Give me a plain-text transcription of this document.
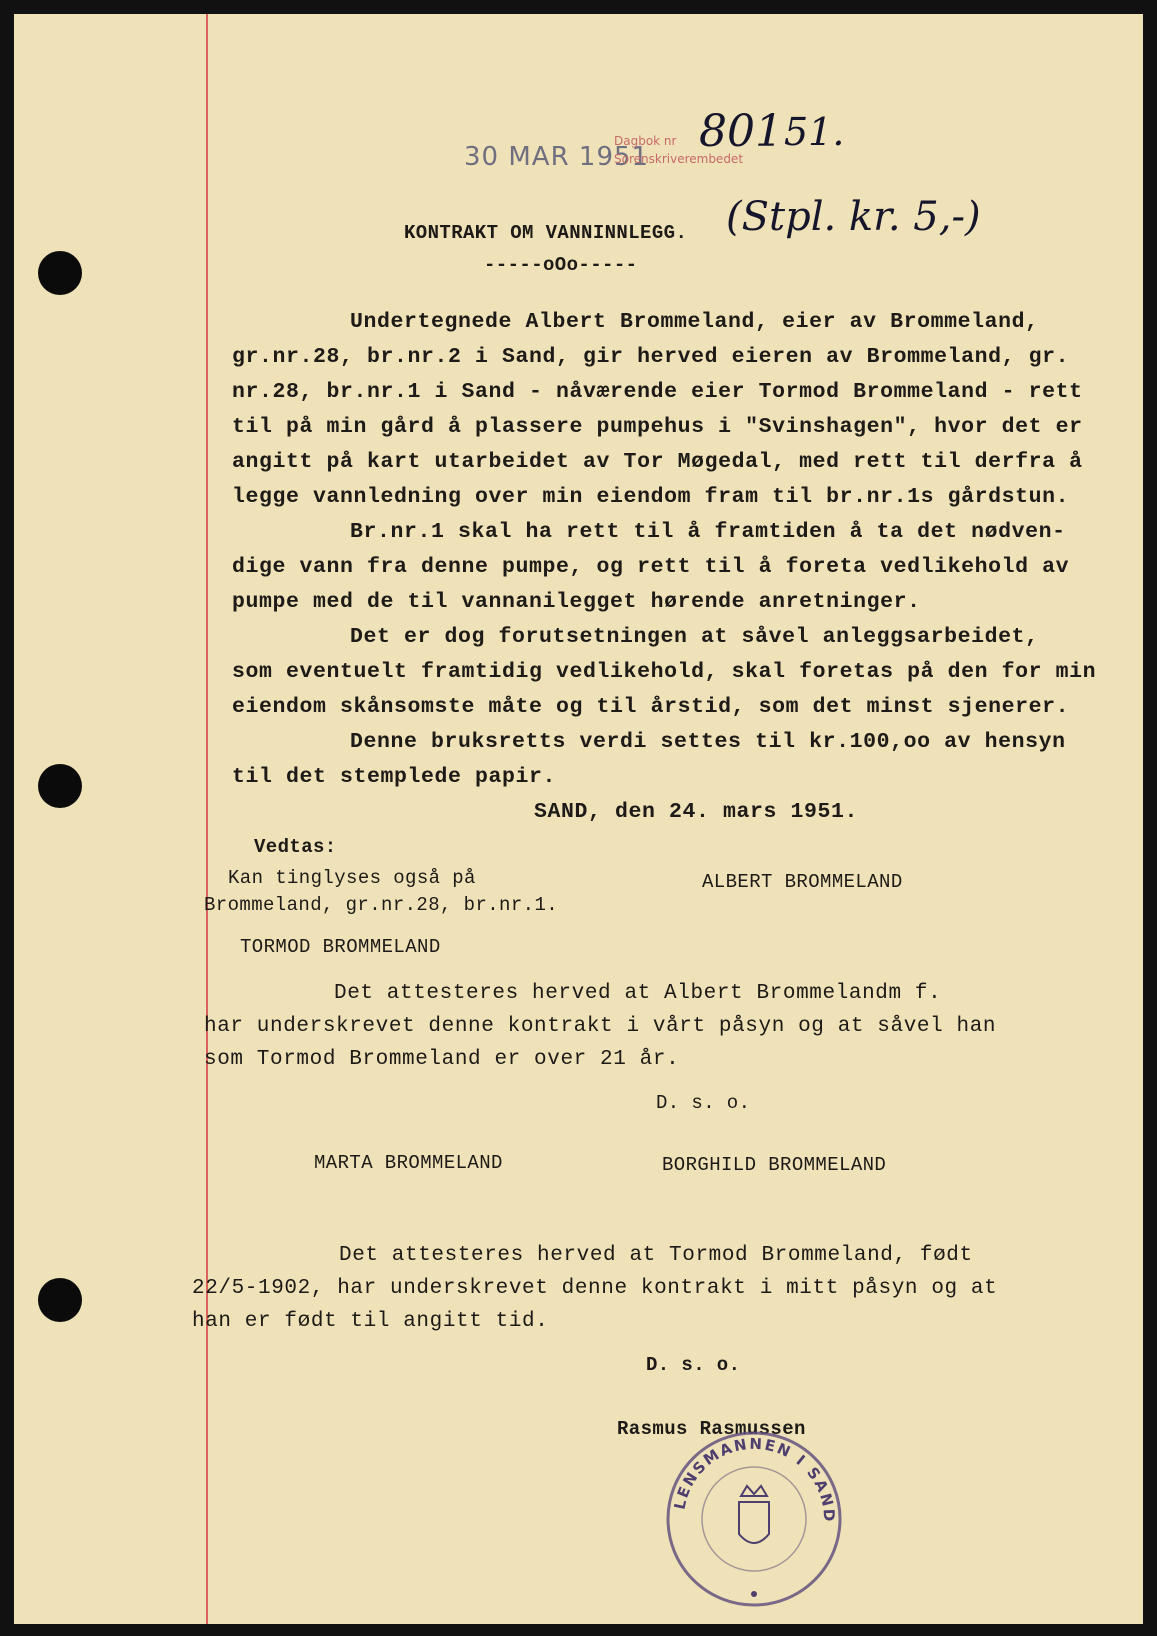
30 MAR 1951
Dagbok nr
Sorenskriverembedet
801 51.
KONTRAKT OM VANNINNLEGG. (Stpl. kr. 5,-)
-----oOo-----
Undertegnede Albert Brommeland, eier av Brommeland,
gr.nr.28, br.nr.2 i Sand, gir herved eieren av Brommeland, gr.
nr.28, br.nr.1 i Sand - nåværende eier Tormod Brommeland - rett
til på min gård å plassere pumpehus i "Svinshagen", hvor det er
angitt på kart utarbeidet av Tor Møgedal, med rett til derfra å
legge vannledning over min eiendom fram til br.nr.1s gårdstun.
Br.nr.1 skal ha rett til å framtiden å ta det nødven-
dige vann fra denne pumpe, og rett til å foreta vedlikehold av
pumpe med de til vannanilegget hørende anretninger.
Det er dog forutsetningen at såvel anleggsarbeidet,
som eventuelt framtidig vedlikehold, skal foretas på den for min
eiendom skånsomste måte og til årstid, som det minst sjenerer.
Denne bruksretts verdi settes til kr.100,oo av hensyn
til det stemplede papir.
SAND, den 24. mars 1951.
Vedtas:
Kan tinglyses også på
Brommeland, gr.nr.28, br.nr.1.
ALBERT BROMMELAND
TORMOD BROMMELAND
Det attesteres herved at Albert Brommelandm f.
har underskrevet denne kontrakt i vårt påsyn og at såvel han
som Tormod Brommeland er over 21 år.
D. s. o.
MARTA BROMMELAND	BORGHILD BROMMELAND
Det attesteres herved at Tormod Brommeland, født
22/5-1902, har underskrevet denne kontrakt i mitt påsyn og at
han er født til angitt tid.
D. s. o.
Rasmus Rasmussen
LENSMANNEN I SAND
